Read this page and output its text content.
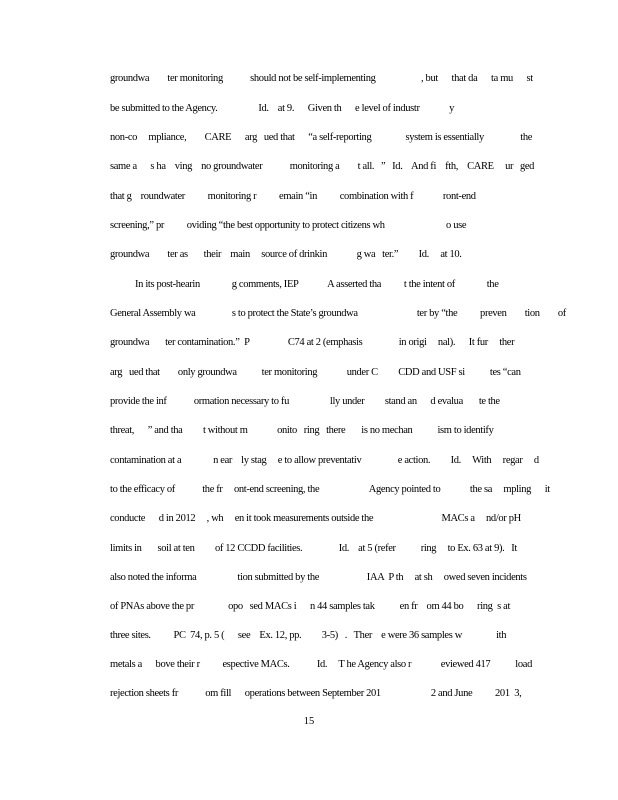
groundwa        ter monitoring            should not be self-implementing                    , but      that da      ta mu      st
be submitted to the Agency.                  Id.    at 9.      Given th      e level of industr             y
non-co     mpliance,        CARE      arg   ued that      “a self-reporting               system is essentially                the
same a      s ha    ving    no groundwater            monitoring a        t all.   ”   Id.    And fi    fth,    CARE     ur   ged
that g    roundwater          monitoring r          emain “in          combination with f             ront-end
screening,” pr          oviding “the best opportunity to protect citizens wh                           o use
groundwa        ter as       their    main     source of drinkin             g wa   ter.”         Id.     at 10.
In its post-hearin              g comments, IEP             A asserted tha          t the intent of              the
General Assembly wa                s to protect the State’s groundwa                          ter by “the          preven        tion        of
groundwa       ter contamination.”  P                 C74 at 2 (emphasis                in origi     nal).      It fur     ther
arg   ued that        only groundwa           ter monitoring             under C         CDD and USF si           tes “can
provide the inf            ormation necessary to fu                  lly under         stand an      d evalua       te the
threat,      ” and tha         t without m             onito   ring   there       is no mechan           ism to identify
contamination at a              n ear    ly stag     e to allow preventativ                e action.         Id.     With     regar     d
to the efficacy of            the fr     ont-end screening, the                      Agency pointed to             the sa     mpling      it
conducte      d in 2012     , wh     en it took measurements outside the                              MACs a     nd/or pH
limits in       soil at ten         of 12 CCDD facilities.                Id.    at 5 (refer           ring     to Ex. 63 at 9).   It
also noted the informa                  tion submitted by the                     IAA  P th     at sh     owed seven incidents
of PNAs above the pr               opo   sed MACs i      n 44 samples tak           en fr    om 44 bo      ring  s at
three sites.          PC  74, p. 5 (      see    Ex. 12, pp.         3-5)   .   Ther    e were 36 samples w               ith
metals a      bove their r          espective MACs.            Id.     T he Agency also r             eviewed 417           load
rejection sheets fr            om fill      operations between September 201                      2 and June          201  3,
15
